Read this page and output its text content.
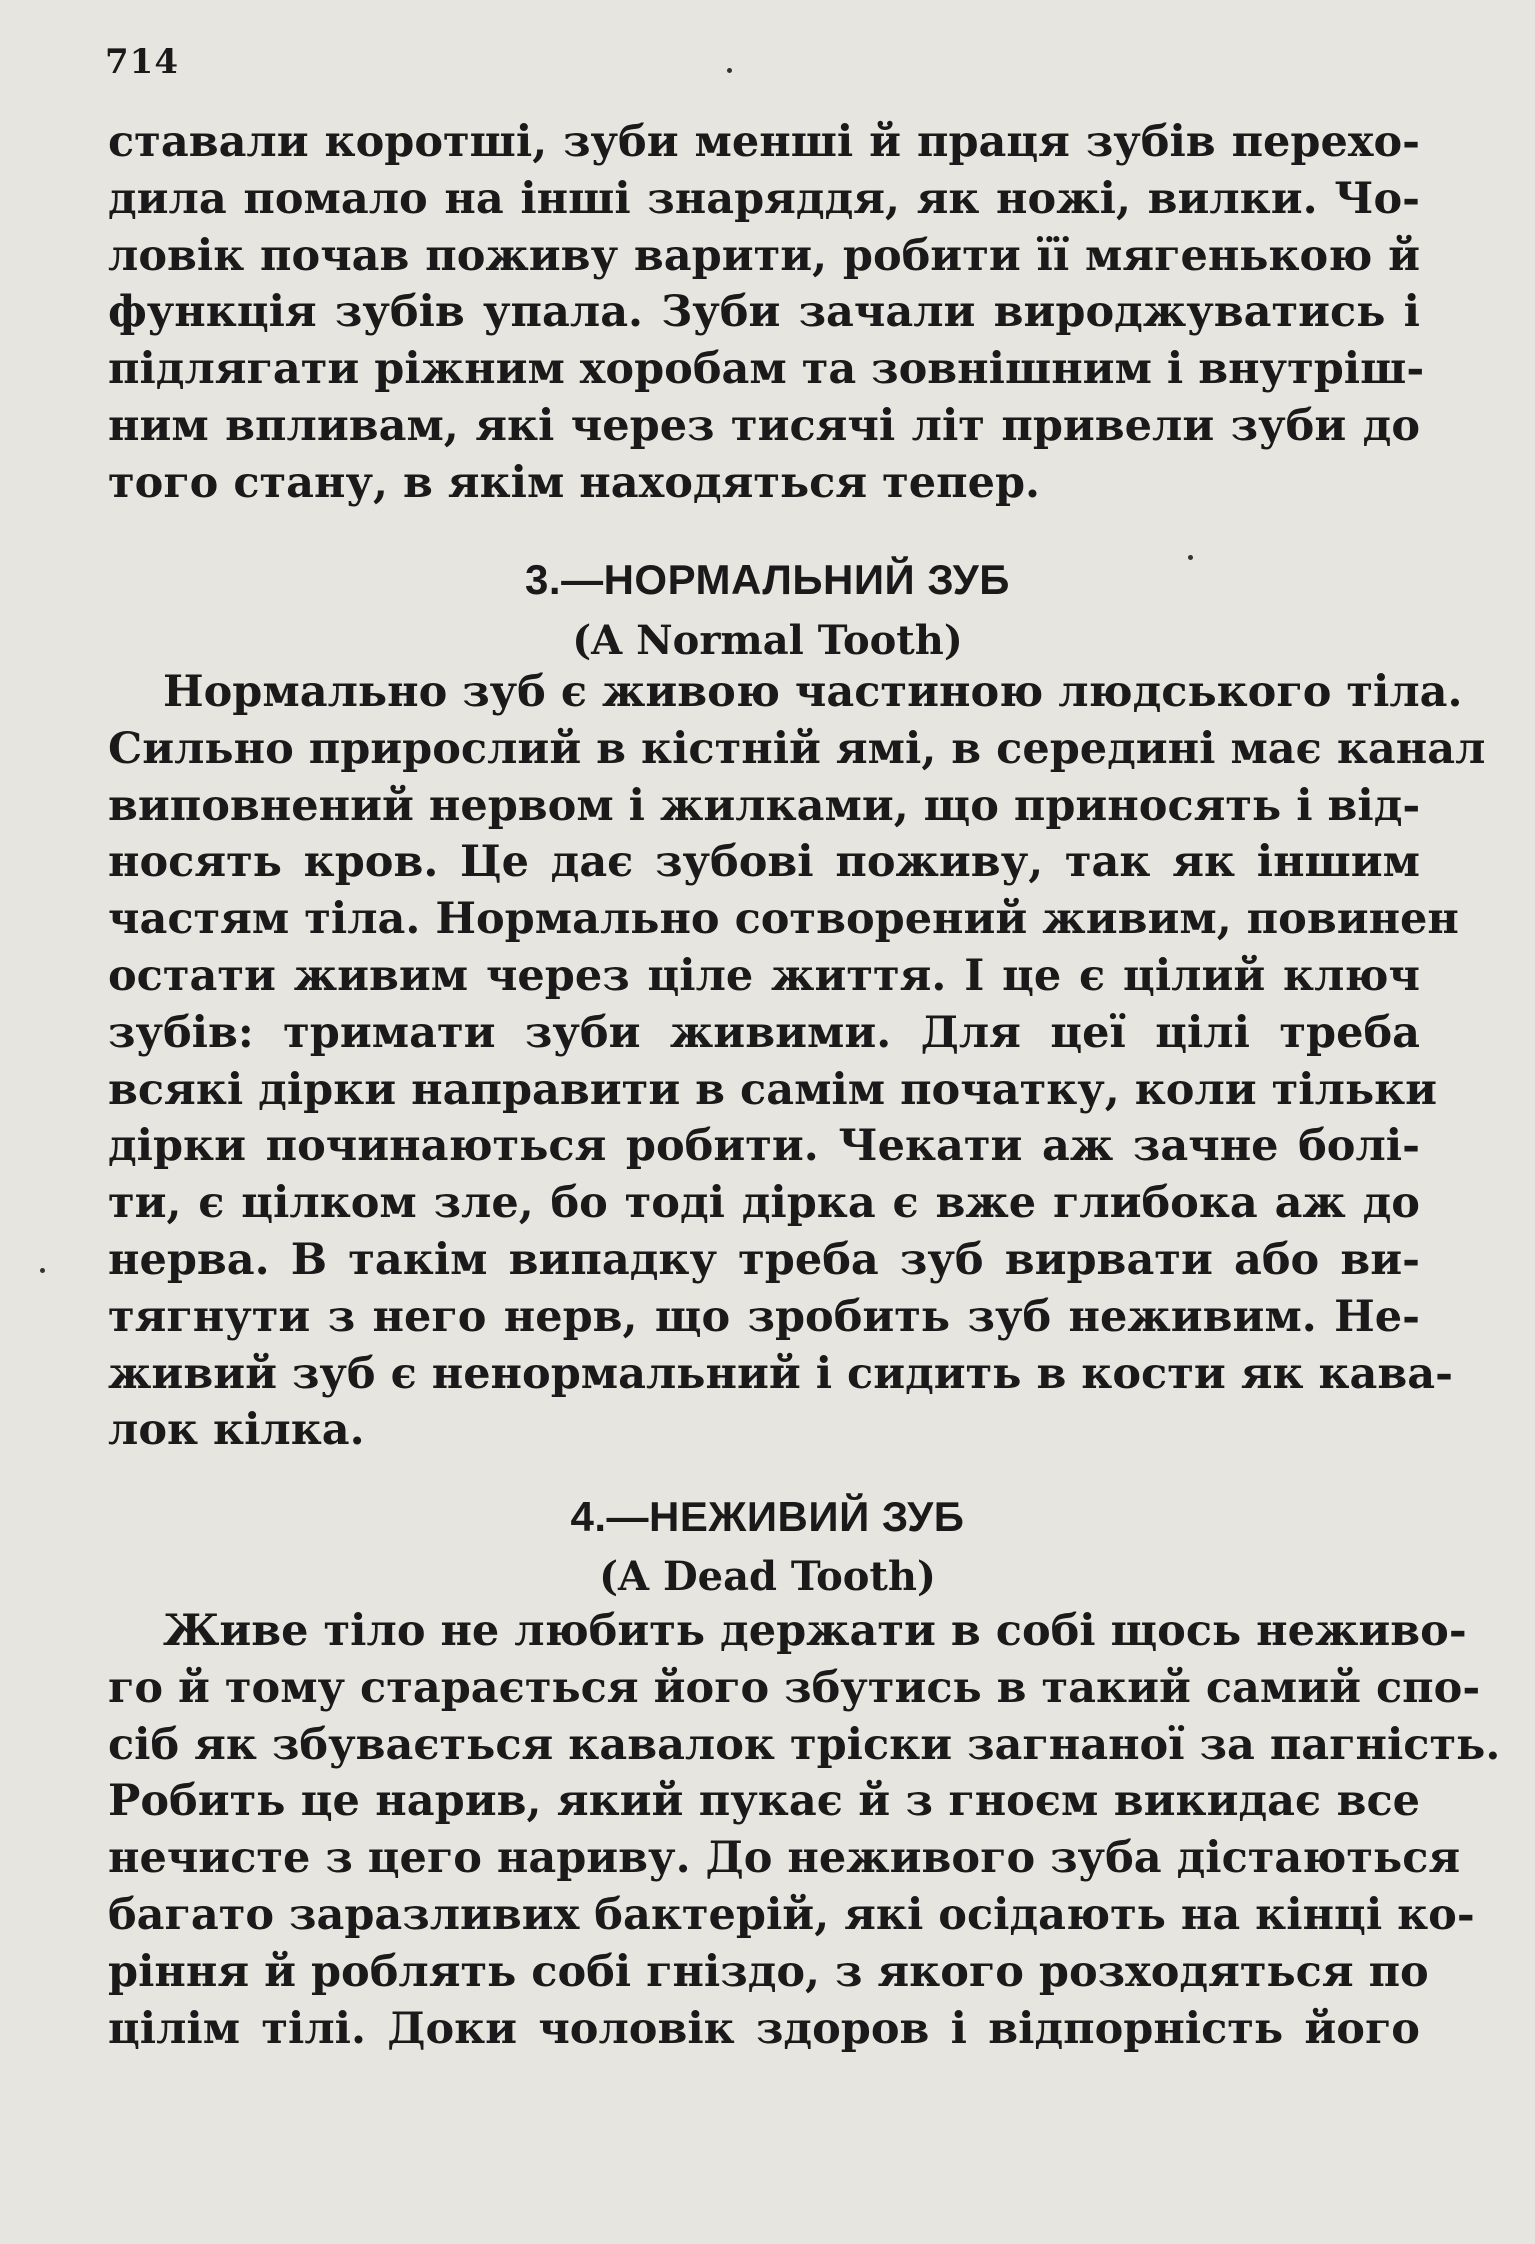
714
ставали коротші, зуби менші й праця зубів перехо-
дила помало на інші знаряддя, як ножі, вилки. Чо-
ловік почав поживу варити, робити її мягенькою й
функція зубів упала. Зуби зачали вироджуватись і
підлягати ріжним хоробам та зовнішним і внутріш-
ним впливам, які через тисячі літ привели зуби до
того стану, в якім находяться тепер.
3.—НОРМАЛЬНИЙ ЗУБ
(A Normal Tooth)
Нормально зуб є живою частиною людського тіла.
Сильно прирослий в кістній ямі, в середині має канал
виповнений нервом і жилками, що приносять і від-
носять кров. Це дає зубові поживу, так як іншим
частям тіла. Нормально сотворений живим, повинен
остати живим через ціле життя. І це є цілий ключ
зубів: тримати зуби живими. Для цеї цілі треба
всякі дірки направити в самім початку, коли тільки
дірки починаються робити. Чекати аж зачне болі-
ти, є цілком зле, бо тоді дірка є вже глибока аж до
нерва. В такім випадку треба зуб вирвати або ви-
тягнути з него нерв, що зробить зуб неживим. Не-
живий зуб є ненормальний і сидить в кости як кава-
лок кілка.
4.—НЕЖИВИЙ ЗУБ
(A Dead Tooth)
Живе тіло не любить держати в собі щось неживо-
го й тому старається його збутись в такий самий спо-
сіб як збувається кавалок тріски загнаної за пагність.
Робить це нарив, який пукає й з гноєм викидає все
нечисте з цего нариву. До неживого зуба дістаються
багато заразливих бактерій, які осідають на кінці ко-
ріння й роблять собі гніздо, з якого розходяться по
цілім тілі. Доки чоловік здоров і відпорність його
